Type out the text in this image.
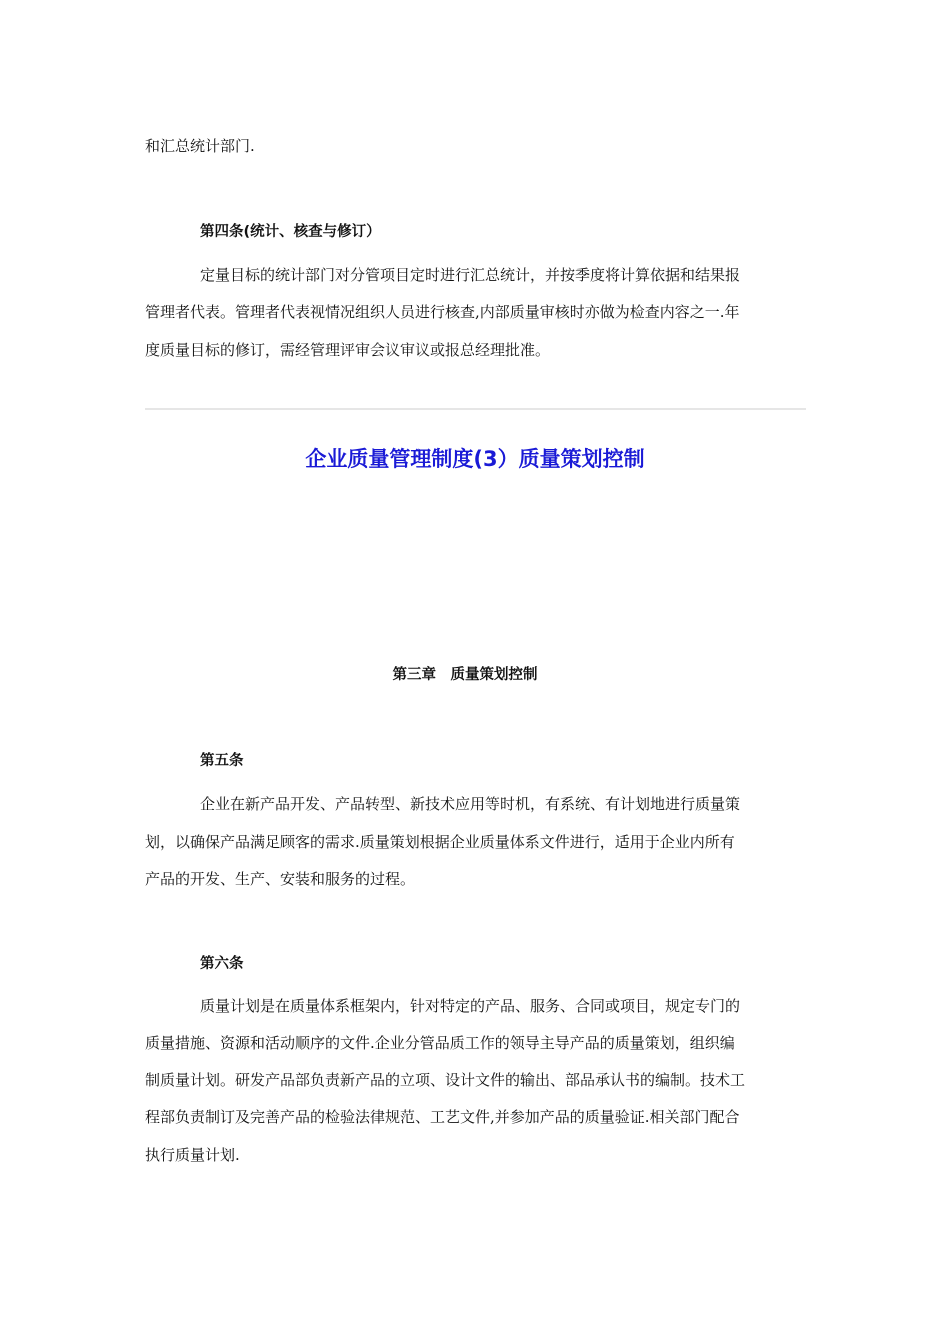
和汇总统计部门.
第四条(统计、核查与修订）
定量目标的统计部门对分管项目定时进行汇总统计，并按季度将计算依据和结果报
管理者代表。管理者代表视情况组织人员进行核查,内部质量审核时亦做为检查内容之一.年
度质量目标的修订，需经管理评审会议审议或报总经理批准。
企业质量管理制度(3）质量策划控制
第三章　质量策划控制
第五条
企业在新产品开发、产品转型、新技术应用等时机，有系统、有计划地进行质量策
划，以确保产品满足顾客的需求.质量策划根据企业质量体系文件进行，适用于企业内所有
产品的开发、生产、安装和服务的过程。
第六条
质量计划是在质量体系框架内，针对特定的产品、服务、合同或项目，规定专门的
质量措施、资源和活动顺序的文件.企业分管品质工作的领导主导产品的质量策划，组织编
制质量计划。研发产品部负责新产品的立项、设计文件的输出、部品承认书的编制。技术工
程部负责制订及完善产品的检验法律规范、工艺文件,并参加产品的质量验证.相关部门配合
执行质量计划.
